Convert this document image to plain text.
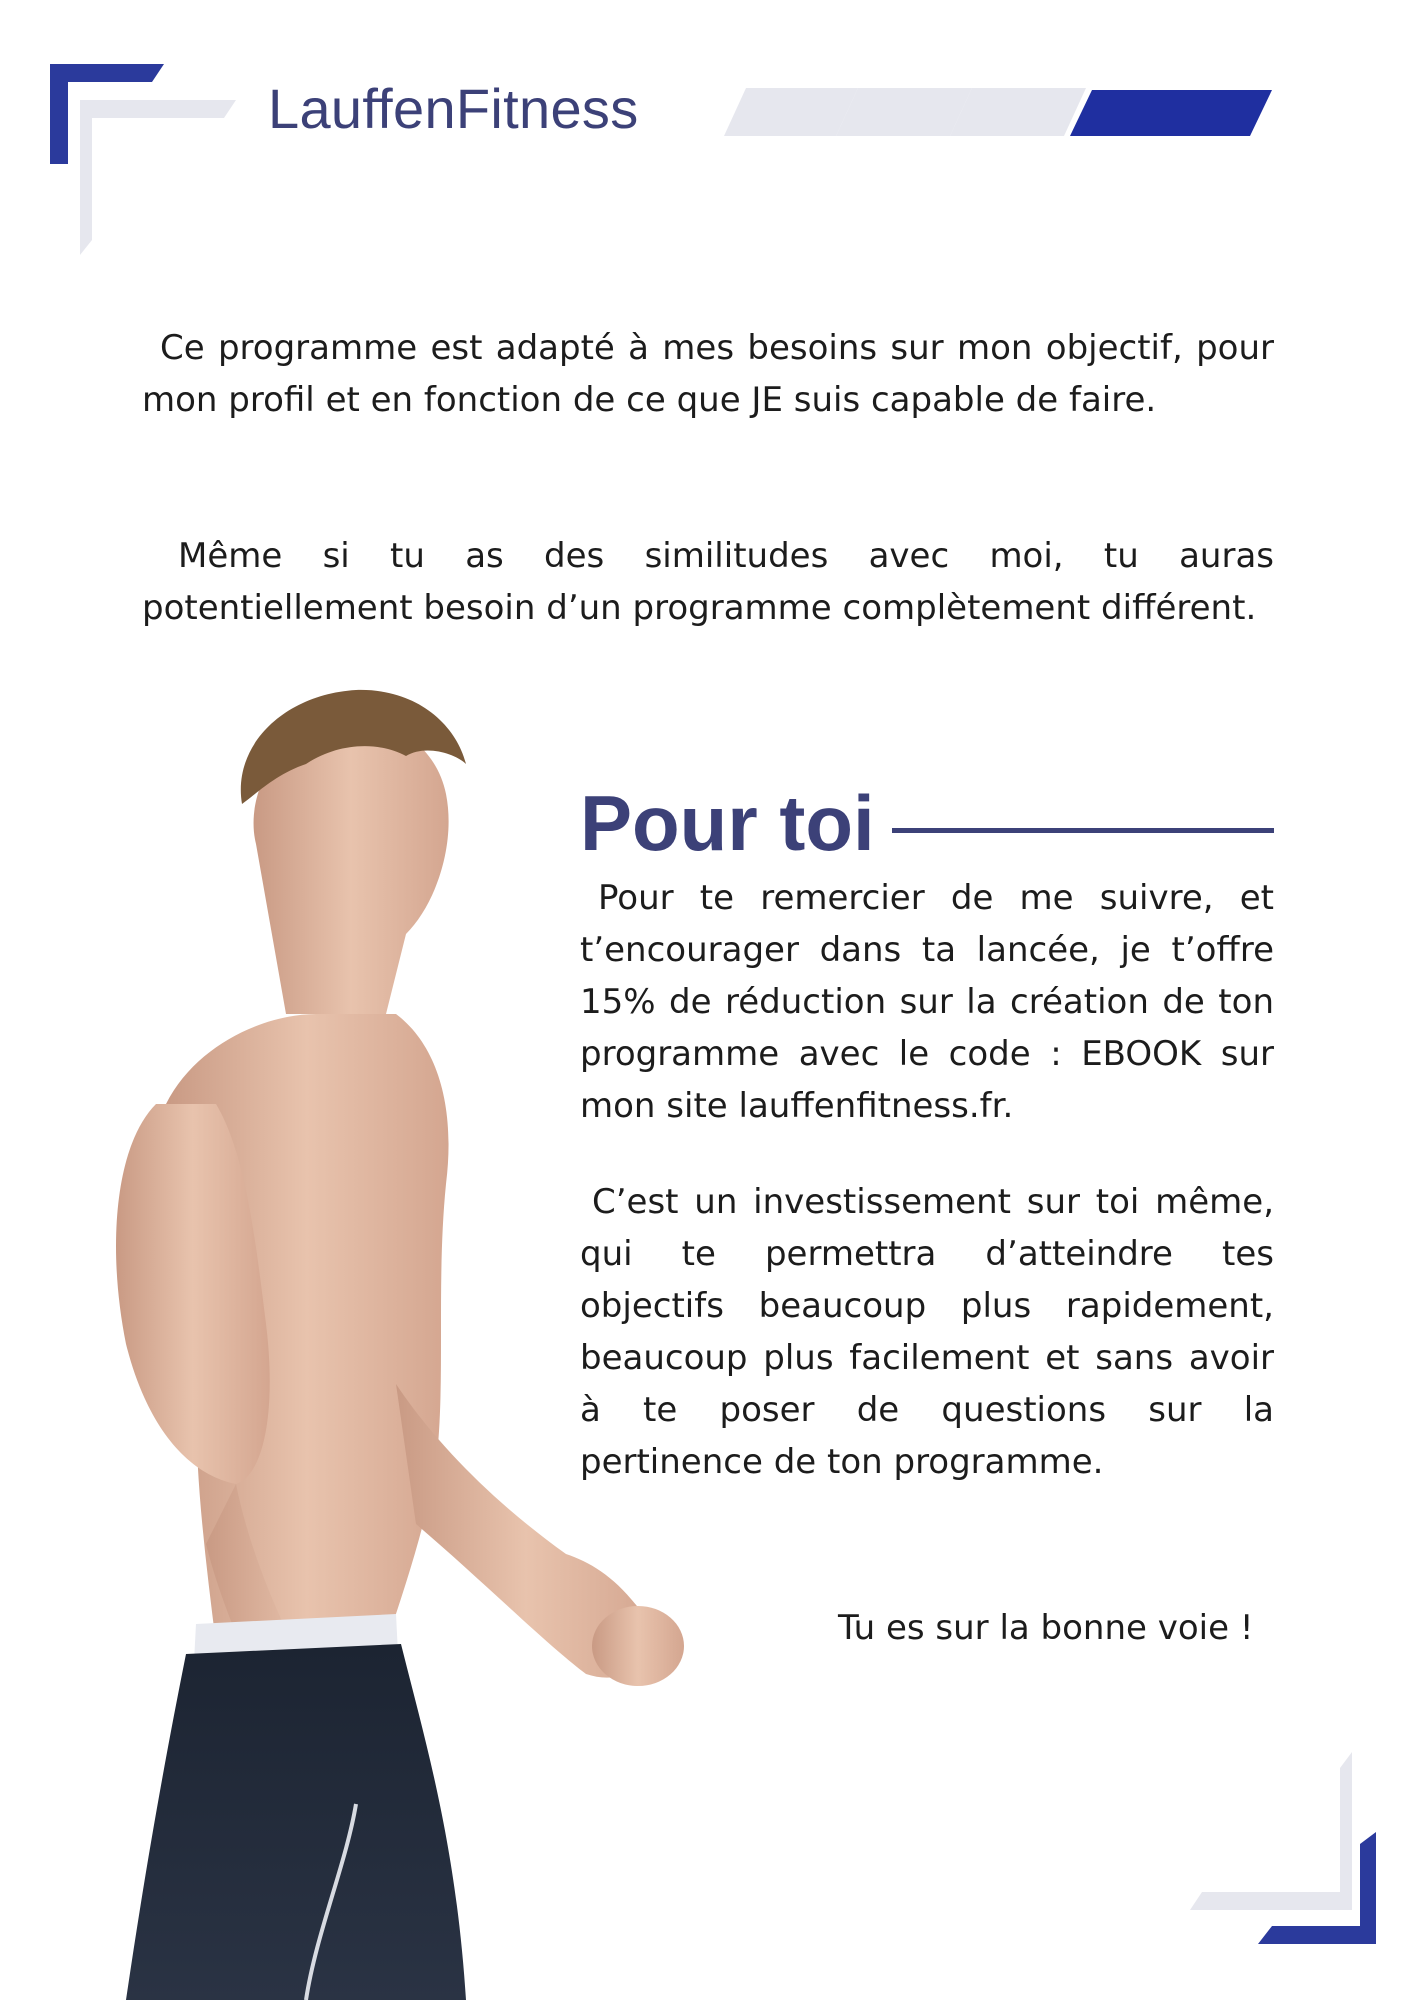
LauffenFitness

Ce programme est adapté à mes besoins sur mon objectif, pour mon profil et en fonction de ce que JE suis capable de faire.

Même si tu as des similitudes avec moi, tu auras potentiellement besoin d’un programme complètement différent.

Pour toi

Pour te remercier de me suivre, et t’encourager dans ta lancée, je t’offre 15% de réduction sur la création de ton programme avec le code : EBOOK sur mon site lauffenfitness.fr.

C’est un investissement sur toi même, qui te permettra d’atteindre tes objectifs beaucoup plus rapidement, beaucoup plus facilement et sans avoir à te poser de questions sur la pertinence de ton programme.

Tu es sur la bonne voie !
